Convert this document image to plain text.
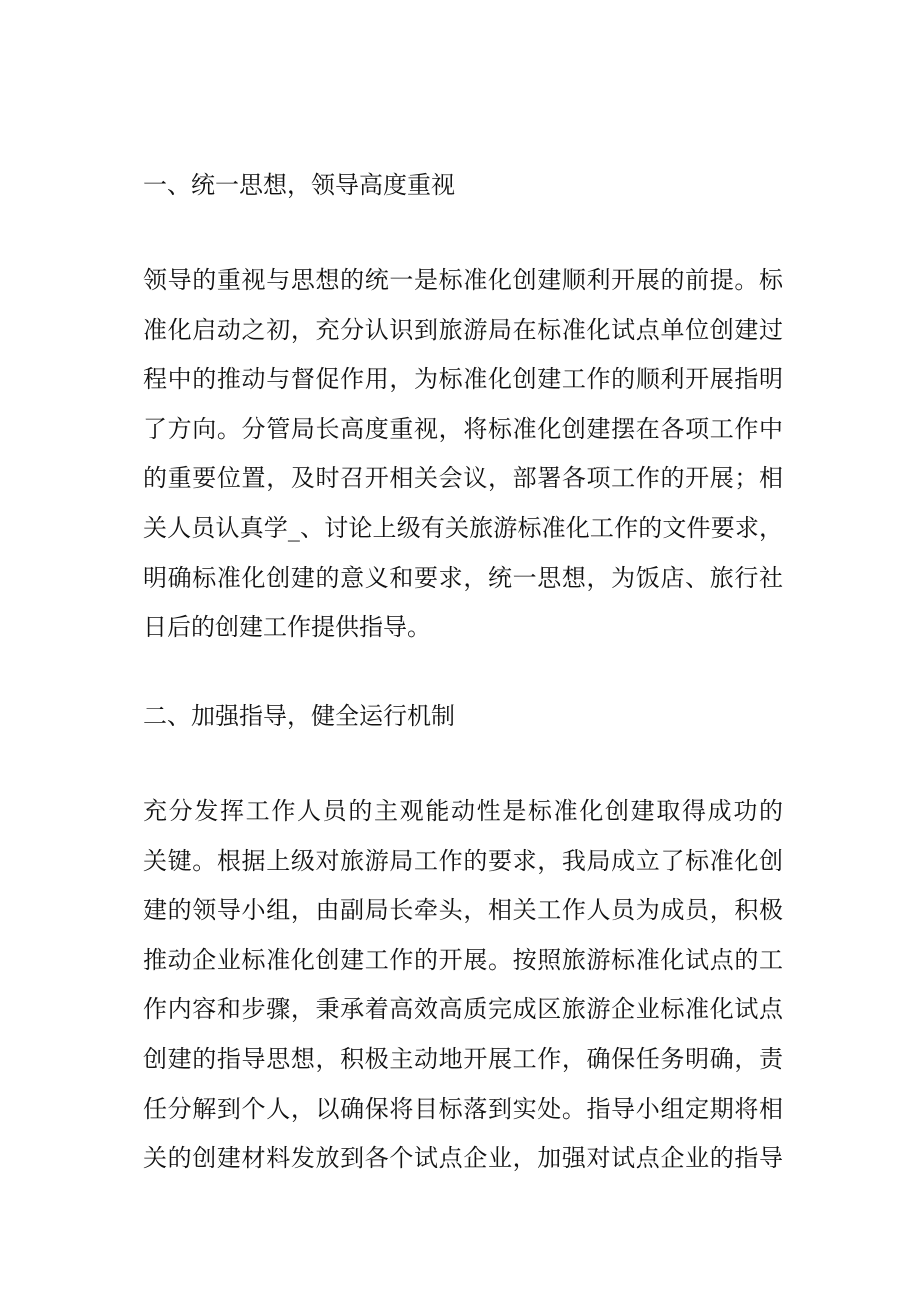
一、统一思想，领导高度重视
领导的重视与思想的统一是标准化创建顺利开展的前提。标
准化启动之初，充分认识到旅游局在标准化试点单位创建过
程中的推动与督促作用，为标准化创建工作的顺利开展指明
了方向。分管局长高度重视，将标准化创建摆在各项工作中
的重要位置，及时召开相关会议，部署各项工作的开展；相
关人员认真学_、讨论上级有关旅游标准化工作的文件要求，
明确标准化创建的意义和要求，统一思想，为饭店、旅行社
日后的创建工作提供指导。
二、加强指导，健全运行机制
充分发挥工作人员的主观能动性是标准化创建取得成功的
关键。根据上级对旅游局工作的要求，我局成立了标准化创
建的领导小组，由副局长牵头，相关工作人员为成员，积极
推动企业标准化创建工作的开展。按照旅游标准化试点的工
作内容和步骤，秉承着高效高质完成区旅游企业标准化试点
创建的指导思想，积极主动地开展工作，确保任务明确，责
任分解到个人，以确保将目标落到实处。指导小组定期将相
关的创建材料发放到各个试点企业，加强对试点企业的指导
